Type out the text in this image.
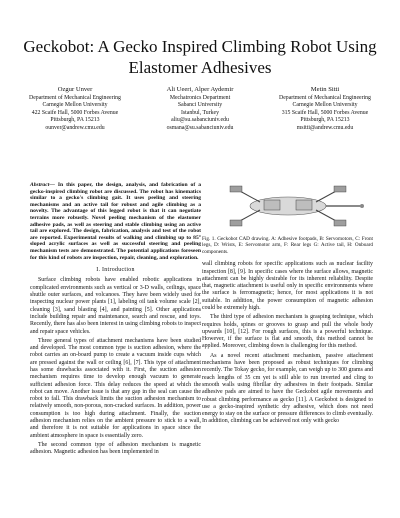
Geckobot: A Gecko Inspired Climbing Robot Using Elastomer Adhesives
Ozgur Unver
Department of Mechanical Engineering
Carnegie Mellon University
422 Scaife Hall, 5000 Forbes Avenue
Pittsburgh, PA 15213
ounver@andrew.cmu.edu
Ali Ueeri, Alper Aydemir
Mechatronics Department
Sabanci University
Istanbul, Turkey
aliu@su.sabanciuniv.edu
osmana@su.sabanciuniv.edu
Metin Sitti
Department of Mechanical Engineering
Carnegie Mellon University
315 Scaife Hall, 5000 Forbes Avenue
Pittsburgh, PA 15213
msitti@andrew.cmu.edu
Abstract— In this paper, the design, analysis, and fabrication of a gecko-inspired climbing robot are discussed. The robot has kinematics similar to a gecko's climbing gait. It uses peeling and steering mechanisms and an active tail for robust and agile climbing as a novelty. The advantage of this legged robot is that it can negotiate terrains more robustly. Novel peeling mechanism of the elastomer adhesive pads, as well as steering and stable climbing using an active tail are explored. The design, fabrication, analysis and test of the robot are reported. Experimental results of walking and climbing up to 85° sloped acrylic surfaces as well as successful steering and peeling mechanism tests are demonstrated. The potential applications foreseen for this kind of robots are inspection, repair, cleaning, and exploration.
I. Introduction

Surface climbing robots have enabled robotic applications in complicated environments such as vertical or 3-D walls, ceilings, space shuttle outer surfaces, and volcanoes. They have been widely used for inspecting nuclear power plants [1], labeling oil tank volume scale [2], cleaning [3], sand blasting [4], and painting [5]. Other applications include building repair and maintenance, search and rescue, and toys. Recently, there has also been interest in using climbing robots to inspect and repair space vehicles.

Three general types of attachment mechanisms have been studied and developed. The most common type is suction adhesion, where the robot carries an on-board pump to create a vacuum inside cups which are pressed against the wall or ceiling [6], [7]. This type of attachment has some drawbacks associated with it. First, the suction adhesion mechanism requires time to develop enough vacuum to generate sufficient adhesion force. This delay reduces the speed at which the robot can move. Another issue is that any gap in the seal can cause the robot to fall. This drawback limits the suction adhesion mechanism to relatively smooth, non-porous, non-cracked surfaces. In addition, power consumption is too high during attachment. Finally, the suction adhesion mechanism relies on the ambient pressure to stick to a wall, and therefore it is not suitable for applications in space since the ambient atmosphere in space is essentially zero.

The second common type of adhesion mechanism is magnetic adhesion. Magnetic adhesion has been implemented in

Fig. 1. Geckobot CAD drawing. A: Adhesive footpads, B: Servomotors, C: Front legs, D: Wrists, E: Servomotor arm, F: Rear legs G: Active tail, H: Onboard components.

wall climbing robots for specific applications such as nuclear facility inspection [8], [9]. In specific cases where the surface allows, magnetic attachment can be highly desirable for its inherent reliability. Despite that, magnetic attachment is useful only in specific environments where the surface is ferromagnetic; hence, for most applications it is not suitable. In addition, the power consumption of magnetic adhesion could be extremely high.

The third type of adhesion mechanism is grasping technique, which requires holds, spines or grooves to grasp and pull the whole body upwards [10], [12]. For rough surfaces, this is a powerful technique. However, if the surface is flat and smooth, this method cannot be applied. Moreover, climbing down is challenging for this method.

As a novel recent attachment mechanism, passive attachment mechanisms have been proposed as robust techniques for climbing recently. The Tokay gecko, for example, can weigh up to 300 grams and reach lengths of 35 cm yet is still able to run inverted and cling to smooth walls using fibrillar dry adhesives in their footpads. Similar adhesive pads are aimed to have the Geckobot agile movements and robust climbing performance as gecko [11]. A Geckobot is designed to use a gecko-inspired synthetic dry adhesive, which does not need energy to stay on the surface or pressure differences to climb eventually. In addition, climbing can be achieved not only with gecko
